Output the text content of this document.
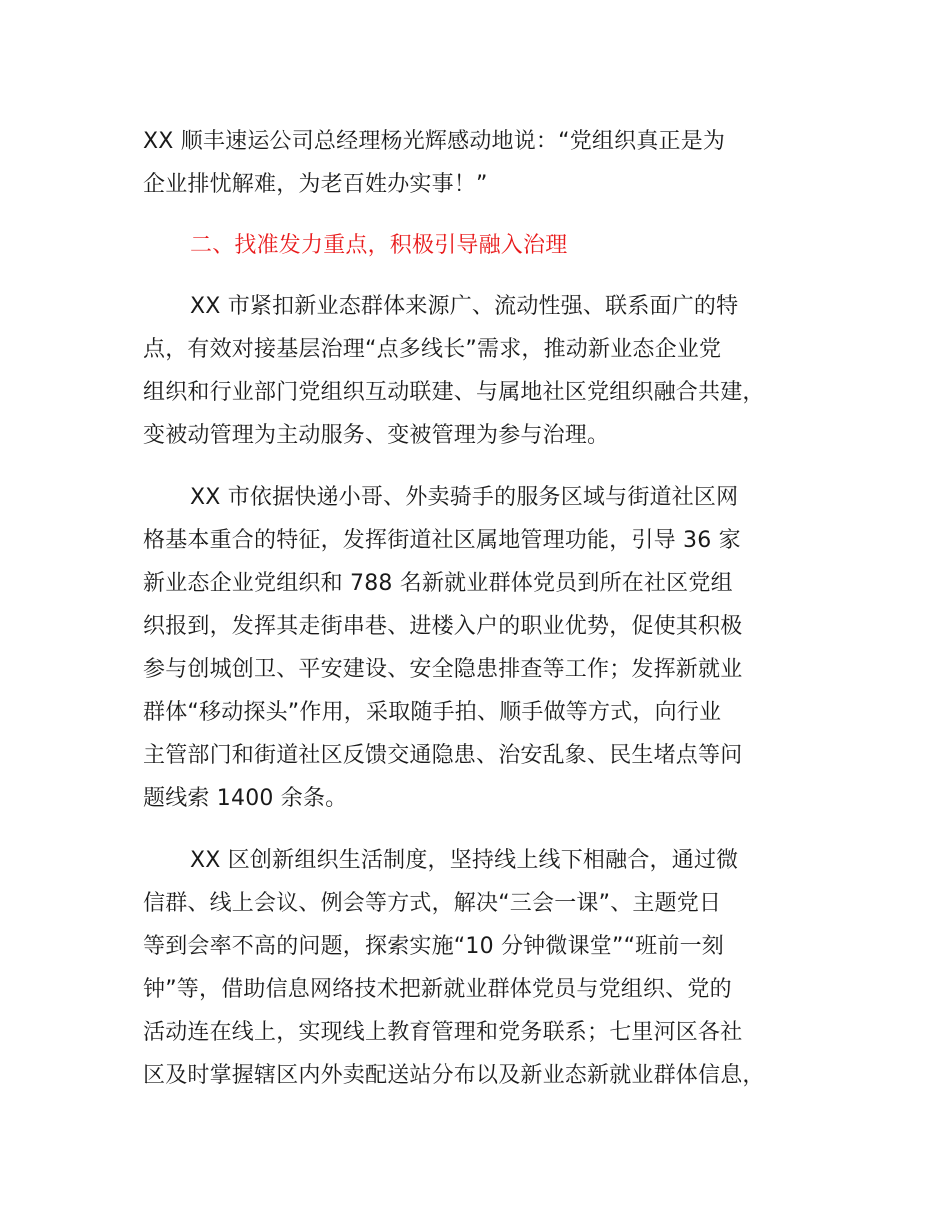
XX 顺丰速运公司总经理杨光辉感动地说：“党组织真正是为
企业排忧解难，为老百姓办实事！”
二、找准发力重点，积极引导融入治理
XX 市紧扣新业态群体来源广、流动性强、联系面广的特
点，有效对接基层治理“点多线长”需求，推动新业态企业党
组织和行业部门党组织互动联建、与属地社区党组织融合共建，
变被动管理为主动服务、变被管理为参与治理。
XX 市依据快递小哥、外卖骑手的服务区域与街道社区网
格基本重合的特征，发挥街道社区属地管理功能，引导 36 家
新业态企业党组织和 788 名新就业群体党员到所在社区党组
织报到，发挥其走街串巷、进楼入户的职业优势，促使其积极
参与创城创卫、平安建设、安全隐患排查等工作；发挥新就业
群体“移动探头”作用，采取随手拍、顺手做等方式，向行业
主管部门和街道社区反馈交通隐患、治安乱象、民生堵点等问
题线索 1400 余条。
XX 区创新组织生活制度，坚持线上线下相融合，通过微
信群、线上会议、例会等方式，解决“三会一课”、主题党日
等到会率不高的问题，探索实施“10 分钟微课堂”“班前一刻
钟”等，借助信息网络技术把新就业群体党员与党组织、党的
活动连在线上，实现线上教育管理和党务联系；七里河区各社
区及时掌握辖区内外卖配送站分布以及新业态新就业群体信息，
